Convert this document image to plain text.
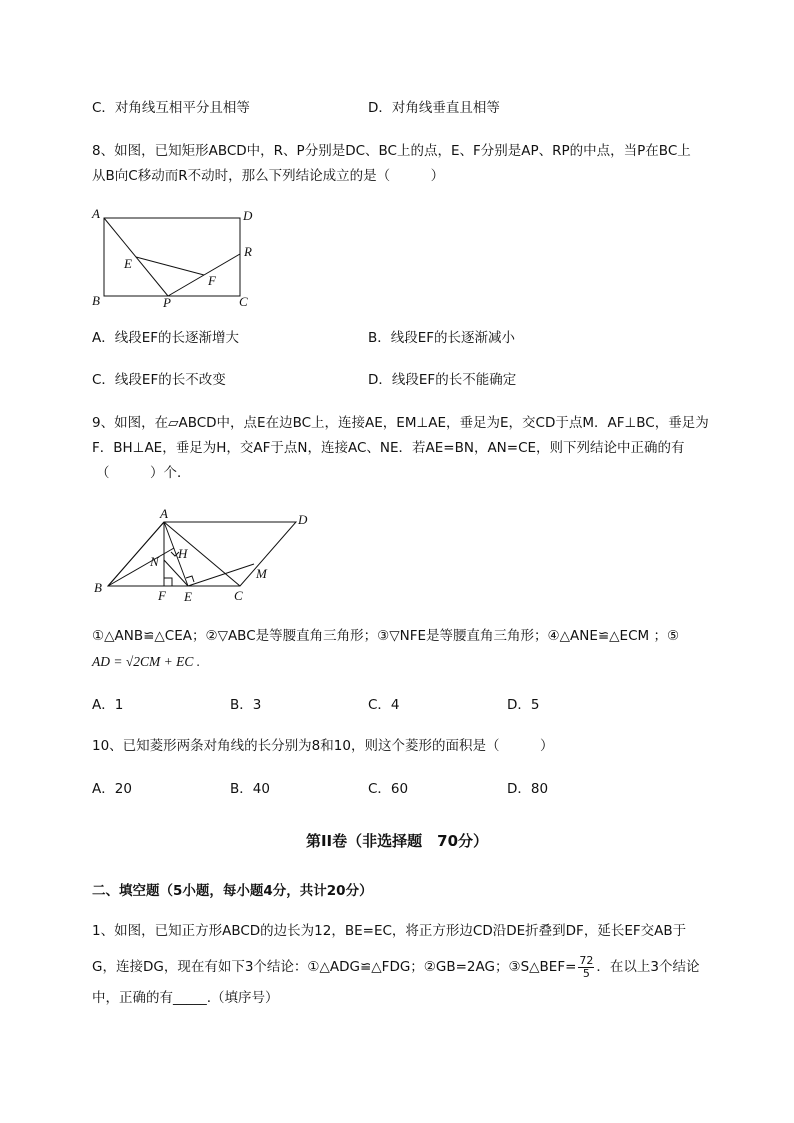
C．对角线互相平分且相等	D．对角线垂直且相等
8、如图，已知矩形ABCD中，R、P分别是DC、BC上的点，E、F分别是AP、RP的中点，当P在BC上
从B向C移动而R不动时，那么下列结论成立的是（　　　）
A	D
R
E
F
B	P	C
A．线段EF的长逐渐增大	B．线段EF的长逐渐减小
C．线段EF的长不改变	D．线段EF的长不能确定
9、如图，在▱ABCD中，点E在边BC上，连接AE，EM⊥AE，垂足为E，交CD于点M．AF⊥BC，垂足为
F．BH⊥AE，垂足为H，交AF于点N，连接AC、NE．若AE=BN，AN=CE，则下列结论中正确的有
（　　　）个．
A	D
H
N
M
B
F E	C
①△ANB≌△CEA；②▽ABC是等腰直角三角形；③▽NFE是等腰直角三角形；④△ANE≌△ECM ；⑤
AD = √2CM + EC .
A．1	B．3	C．4	D．5
10、已知菱形两条对角线的长分别为8和10，则这个菱形的面积是（　　　）
A．20	B．40	C．60	D．80
第II卷（非选择题　70分）
二、填空题（5小题，每小题4分，共计20分）
1、如图，已知正方形ABCD的边长为12，BE=EC，将正方形边CD沿DE折叠到DF，延长EF交AB于
G，连接DG，现在有如下3个结论：①△ADG≌△FDG；②GB=2AG；③S△BEF= $\frac{72}{5}$ ．在以上3个结论
中，正确的有_____.（填序号）
